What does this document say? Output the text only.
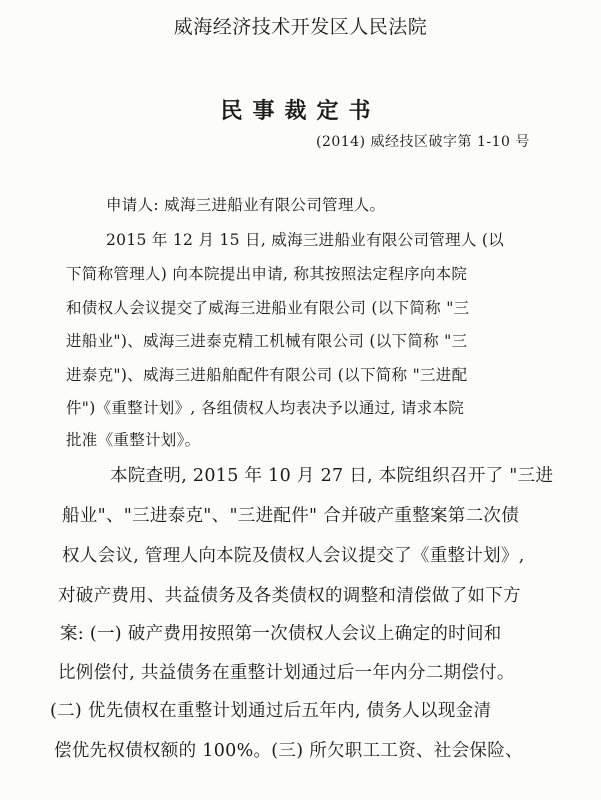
威海经济技术开发区人民法院
民事裁定书
(2014) 威经技区破字第 1-10 号
申请人: 威海三进船业有限公司管理人。
2015 年 12 月 15 日, 威海三进船业有限公司管理人 (以
下简称管理人) 向本院提出申请, 称其按照法定程序向本院
和债权人会议提交了威海三进船业有限公司 (以下简称 "三
进船业")、威海三进泰克精工机械有限公司 (以下简称 "三
进泰克")、威海三进船舶配件有限公司 (以下简称 "三进配
件")《重整计划》, 各组债权人均表决予以通过, 请求本院
批准《重整计划》。
本院查明, 2015 年 10 月 27 日, 本院组织召开了 "三进
船业"、"三进泰克"、"三进配件" 合并破产重整案第二次债
权人会议, 管理人向本院及债权人会议提交了《重整计划》,
对破产费用、共益债务及各类债权的调整和清偿做了如下方
案: (一) 破产费用按照第一次债权人会议上确定的时间和
比例偿付, 共益债务在重整计划通过后一年内分二期偿付。
(二) 优先债权在重整计划通过后五年内, 债务人以现金清
偿优先权债权额的 100%。(三) 所欠职工工资、社会保险、
